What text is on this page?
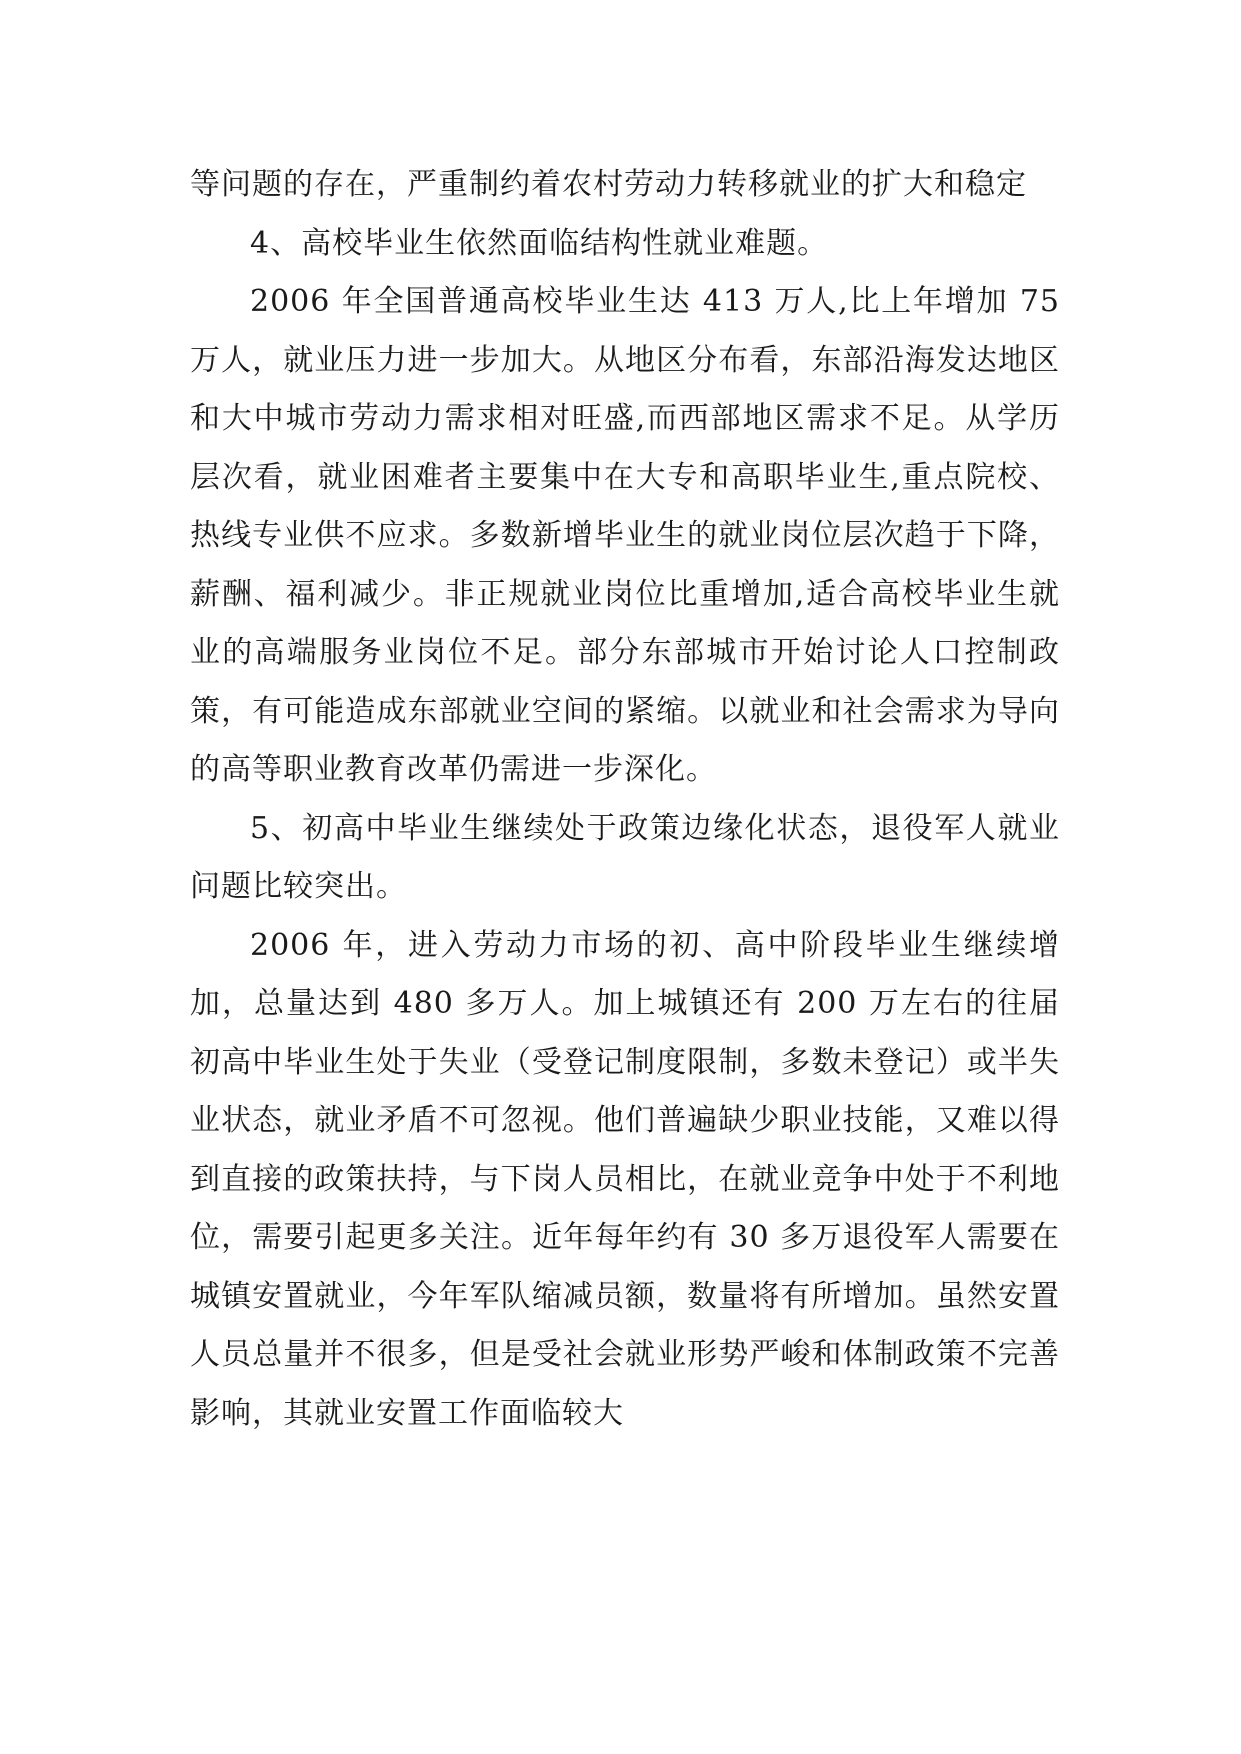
等问题的存在，严重制约着农村劳动力转移就业的扩大和稳定

4、高校毕业生依然面临结构性就业难题。

2006 年全国普通高校毕业生达 413 万人,比上年增加 75 万人，就业压力进一步加大。从地区分布看，东部沿海发达地区和大中城市劳动力需求相对旺盛,而西部地区需求不足。从学历层次看，就业困难者主要集中在大专和高职毕业生,重点院校、热线专业供不应求。多数新增毕业生的就业岗位层次趋于下降，薪酬、福利减少。非正规就业岗位比重增加,适合高校毕业生就业的高端服务业岗位不足。部分东部城市开始讨论人口控制政策，有可能造成东部就业空间的紧缩。以就业和社会需求为导向的高等职业教育改革仍需进一步深化。

5、初高中毕业生继续处于政策边缘化状态，退役军人就业问题比较突出。

2006 年，进入劳动力市场的初、高中阶段毕业生继续增加，总量达到 480 多万人。加上城镇还有 200 万左右的往届初高中毕业生处于失业（受登记制度限制，多数未登记）或半失业状态，就业矛盾不可忽视。他们普遍缺少职业技能，又难以得到直接的政策扶持，与下岗人员相比，在就业竞争中处于不利地位，需要引起更多关注。近年每年约有 30 多万退役军人需要在城镇安置就业，今年军队缩减员额，数量将有所增加。虽然安置人员总量并不很多，但是受社会就业形势严峻和体制政策不完善影响，其就业安置工作面临较大
